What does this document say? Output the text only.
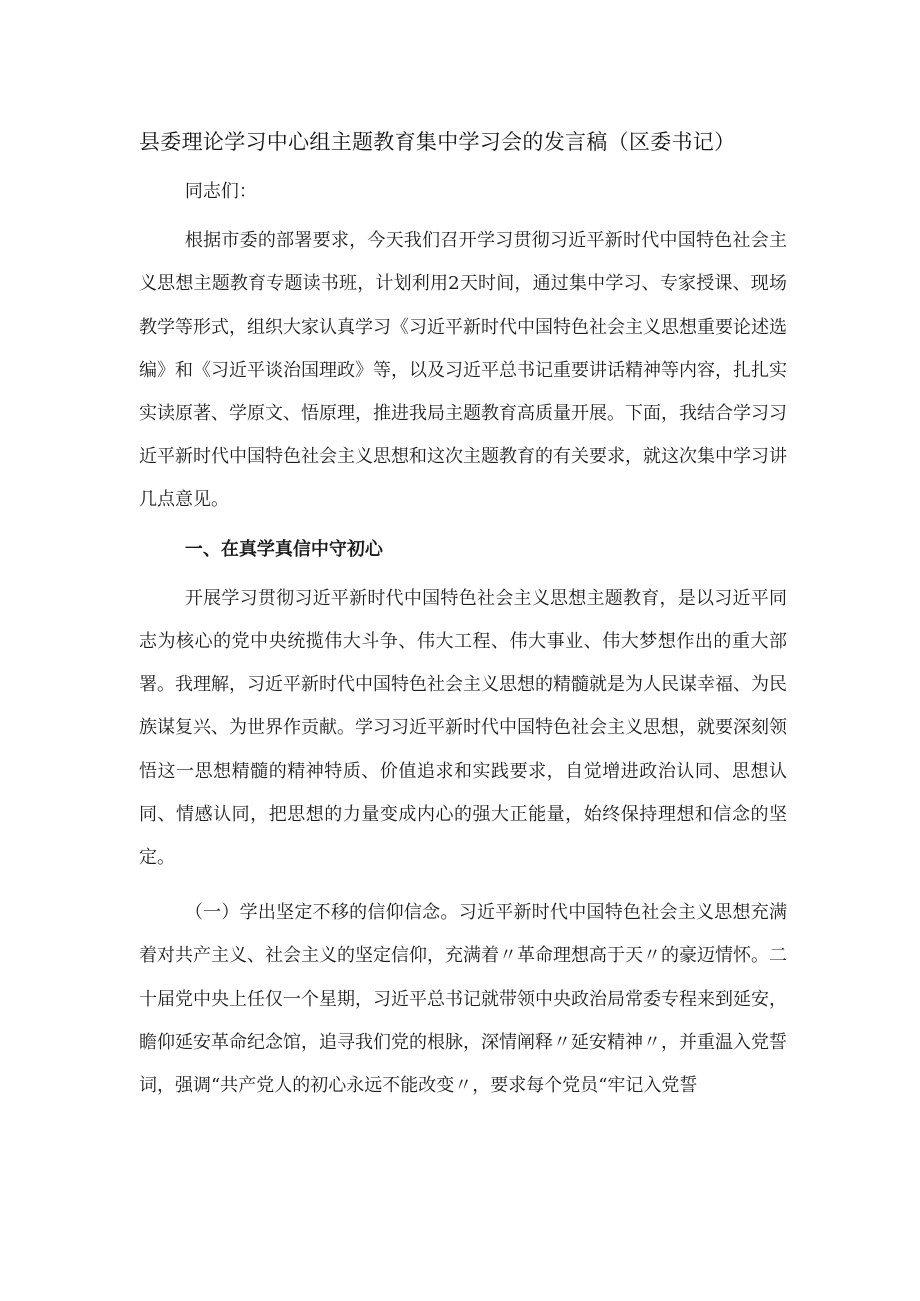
县委理论学习中心组主题教育集中学习会的发言稿（区委书记）

同志们：

根据市委的部署要求，今天我们召开学习贯彻习近平新时代中国特色社会主义思想主题教育专题读书班，计划利用2天时间，通过集中学习、专家授课、现场教学等形式，组织大家认真学习《习近平新时代中国特色社会主义思想重要论述选编》和《习近平谈治国理政》等，以及习近平总书记重要讲话精神等内容，扎扎实实读原著、学原文、悟原理，推进我局主题教育高质量开展。下面，我结合学习习近平新时代中国特色社会主义思想和这次主题教育的有关要求，就这次集中学习讲几点意见。

一、在真学真信中守初心

开展学习贯彻习近平新时代中国特色社会主义思想主题教育，是以习近平同志为核心的党中央统揽伟大斗争、伟大工程、伟大事业、伟大梦想作出的重大部署。我理解，习近平新时代中国特色社会主义思想的精髓就是为人民谋幸福、为民族谋复兴、为世界作贡献。学习习近平新时代中国特色社会主义思想，就要深刻领悟这一思想精髓的精神特质、价值追求和实践要求，自觉增进政治认同、思想认同、情感认同，把思想的力量变成内心的强大正能量，始终保持理想和信念的坚定。

（一）学出坚定不移的信仰信念。习近平新时代中国特色社会主义思想充满着对共产主义、社会主义的坚定信仰，充满着〃革命理想高于天〃的豪迈情怀。二十届党中央上任仅一个星期，习近平总书记就带领中央政治局常委专程来到延安，瞻仰延安革命纪念馆，追寻我们党的根脉，深情阐释〃延安精神〃，并重温入党誓词，强调“共产党人的初心永远不能改变〃，要求每个党员“牢记入党誓
